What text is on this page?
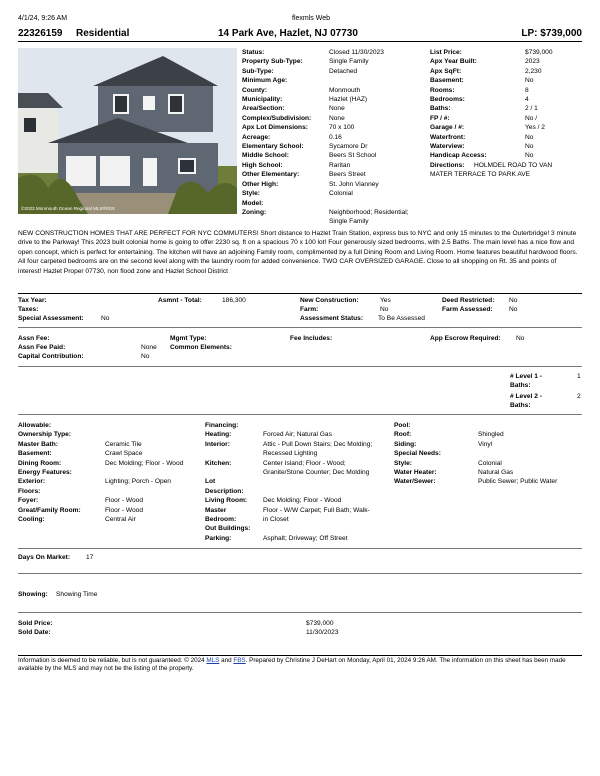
4/1/24, 9:26 AM	flexmls Web
22326159 Residential	14 Park Ave, Hazlet, NJ 07730	LP: $739,000
©2023 Monmouth Ocean Regional MLS®/IDX
Status:	Closed 11/30/2023
Property Sub-Type:	Single Family
Sub-Type:	Detached
Minimum Age:
County:	Monmouth
Municipality:	Hazlet (HAZ)
Area/Section:	None
Complex/Subdivision:	None
Apx Lot Dimensions:	70 x 100
Acreage:	0.16
Elementary School:	Sycamore Dr
Middle School:	Beers St School
High School:	Raritan
Other Elementary:	Beers Street
Other High:	St. John Vianney
Style:	Colonial
Model:
Zoning:	Neighborhood; Residential;
Single Family
List Price:	$739,000
Apx Year Built:	2023
Apx SqFt:	2,230
Basement:	No
Rooms:	8
Bedrooms:	4
Baths:	2 / 1
FP / #:	No /
Garage / #:	Yes / 2
Waterfront:	No
Waterview:	No
Handicap Access:	No
Directions:	HOLMDEL ROAD TO VAN
MATER TERRACE TO PARK AVE
NEW CONSTRUCTION HOMES THAT ARE PERFECT FOR NYC COMMUTERS! Short distance to Hazlet Train Station, express bus to NYC and only 15 minutes to the Outerbridge! 3 minute drive to the Parkway! This 2023 built colonial home is going to offer 2230 sq. ft on a spacious 70 x 100 lot! Four generously sized bedrooms, with 2.5 Baths. The main level has a nice flow and open concept, which is perfect for entertaining. The kitchen will have an adjoining Family room, complimented by a full Dining Room and Living Room. Home features beautiful hardwood floors. All four carpeted bedrooms are on the second level along with the laundry room for added convenience. TWO CAR OVERSIZED GARAGE. Close to all shopping on Rt. 35 and points of interest! Hazlet Proper 07730, non flood zone and Hazlet School District
Tax Year:	Asmnt - Total:	186,300	New Construction:	Yes	Deed Restricted: No
Taxes:	Farm:	No	Farm Assessed: No
Special Assessment:	No	Assessment Status: To Be Assessed
Assn Fee:	Mgmt Type:	Fee Includes:	App Escrow Required: No
Assn Fee Paid:	None Common Elements:
Capital Contribution:	No
# Level 1 -
Baths:
1
# Level 2 -
Baths:
2
Allowable:
Ownership Type:
Master Bath:	Ceramic Tile
Basement:	Crawl Space
Dining Room:	Dec Molding; Floor - Wood
Energy Features:
Exterior:	Lighting; Porch - Open
Floors:
Foyer:	Floor - Wood
Great/Family Room:	Floor - Wood
Cooling:	Central Air
Financing:
Heating:	Forced Air; Natural Gas
Interior:	Attic - Pull Down Stairs; Dec Molding;
Recessed Lighting
Kitchen:	Center Island; Floor - Wood;
Granite/Stone Counter; Dec Molding
Lot
Description:
Living Room:	Dec Molding; Floor - Wood
Master	Floor - W/W Carpet; Full Bath; Walk-
Bedroom:	in Closet
Out Buildings:
Parking:	Asphalt; Driveway; Off Street
Pool:
Roof:	Shingled
Siding:	Vinyl
Special Needs:
Style:	Colonial
Water Heater:	Natural Gas
Water/Sewer:	Public Sewer; Public Water
Days On Market: 17
Showing: Showing Time
Sold Price:	$739,000
Sold Date:	11/30/2023
Information is deemed to be reliable, but is not guaranteed. © 2024 MLS and FBS. Prepared by Christine J DeHart on Monday, April 01, 2024 9:26 AM. The information on this sheet has been made available by the MLS and may not be the listing of the property.
